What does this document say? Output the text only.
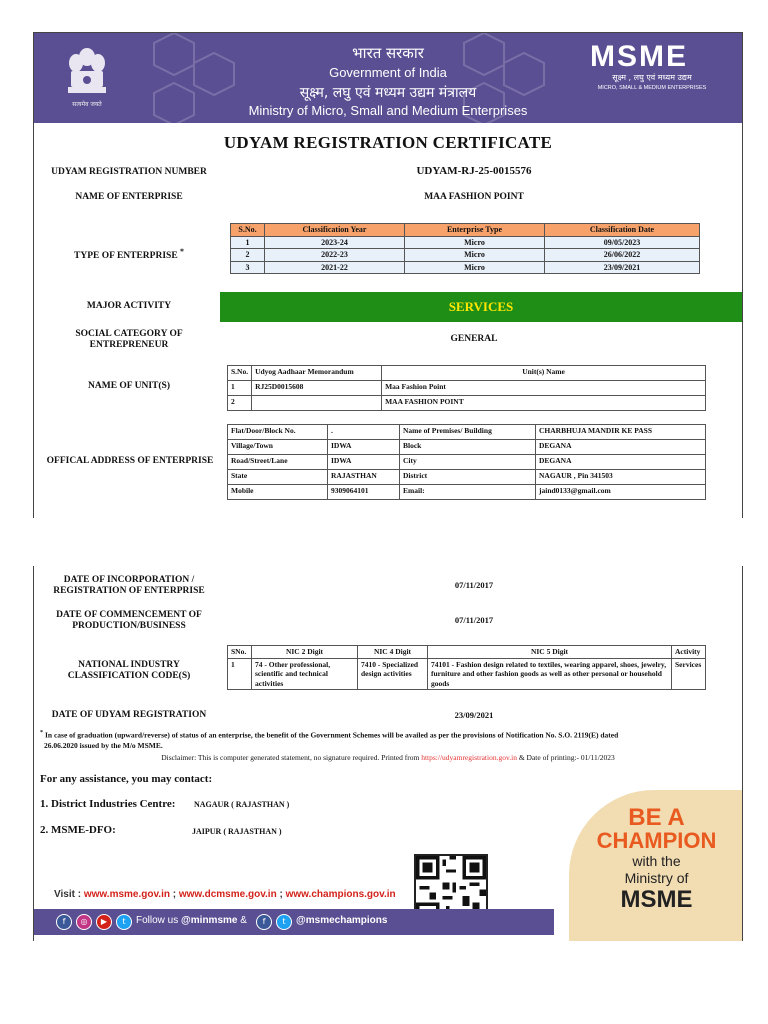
सत्यमेव जयते
भारत सरकार
Government of India
सूक्ष्म, लघु एवं मध्यम उद्यम मंत्रालय
Ministry of Micro, Small and Medium Enterprises
MSME
सूक्ष्म , लघु एवं मध्यम उद्यम
MICRO, SMALL & MEDIUM ENTERPRISES
UDYAM REGISTRATION CERTIFICATE
UDYAM REGISTRATION NUMBER	UDYAM-RJ-25-0015576
NAME OF ENTERPRISE	MAA FASHION POINT
TYPE OF ENTERPRISE *
S.No.	Classification Year	Enterprise Type	Classification Date
1	2023-24	Micro	09/05/2023
2	2022-23	Micro	26/06/2022
3	2021-22	Micro	23/09/2021
MAJOR ACTIVITY	SERVICES
SOCIAL CATEGORY OF
ENTREPRENEUR
GENERAL
NAME OF UNIT(S)
S.No.	Udyog Aadhaar Memorandum	Unit(s) Name
1	RJ25D0015608	Maa Fashion Point
2		MAA FASHION POINT
OFFICAL ADDRESS OF ENTERPRISE
Flat/Door/Block No.	.	Name of Premises/ Building	CHARBHUJA MANDIR KE PASS
Village/Town	IDWA	Block	DEGANA
Road/Street/Lane	IDWA	City	DEGANA
State	RAJASTHAN	District	NAGAUR , Pin 341503
Mobile	9309064101	Email:	jaind0133@gmail.com
DATE OF INCORPORATION /
REGISTRATION OF ENTERPRISE
07/11/2017
DATE OF COMMENCEMENT OF
PRODUCTION/BUSINESS
07/11/2017
NATIONAL INDUSTRY
CLASSIFICATION CODE(S)
SNo.	NIC 2 Digit	NIC 4 Digit	NIC 5 Digit	Activity
1	74 - Other professional, scientific and technical activities	7410 - Specialized design activities	74101 - Fashion design related to textiles, wearing apparel, shoes, jewelry, furniture and other fashion goods as well as other personal or household goods	Services
DATE OF UDYAM REGISTRATION	23/09/2021
* In case of graduation (upward/reverse) of status of an enterprise, the benefit of the Government Schemes will be availed as per the provisions of Notification No. S.O. 2119(E) dated
26.06.2020 issued by the M/o MSME.
Disclaimer: This is computer generated statement, no signature required. Printed from https://udyamregistration.gov.in & Date of printing:- 01/11/2023
For any assistance, you may contact:
1. District Industries Centre: NAGAUR ( RAJASTHAN )
2. MSME-DFO:	JAIPUR ( RAJASTHAN )
BE A
CHAMPION
with the
Ministry of
MSME
Visit : www.msme.gov.in ; www.dcmsme.gov.in ; www.champions.gov.in
f	◎	▶	t	Follow us @minmsme &	f	t	@msmechampions
